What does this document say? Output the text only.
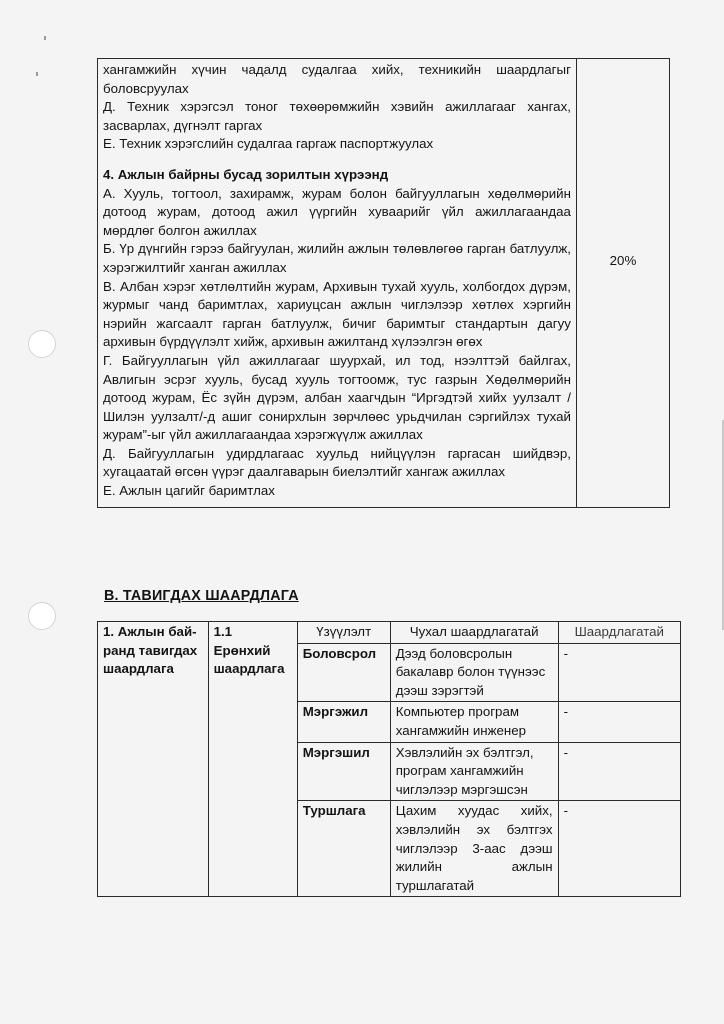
хангамжийн хүчин чадалд судалгаа хийх, техникийн шаардлагыг боловсруулах

Д. Техник хэрэгсэл тоног төхөөрөмжийн хэвийн ажиллагааг хангах, засварлах, дүгнэлт гаргах

Е. Техник хэрэгслийн судалгаа гаргаж паспортжуулах

4. Ажлын байрны бусад зорилтын хүрээнд

А. Хууль, тогтоол, захирамж, журам болон байгууллагын хөдөлмөрийн дотоод журам, дотоод ажил үүргийн хуваарийг үйл ажиллагаандаа мөрдлөг болгон ажиллах

Б. Үр дүнгийн гэрээ байгуулан, жилийн ажлын төлөвлөгөө гарган батлуулж, хэрэгжилтийг ханган ажиллах

В. Албан хэрэг хөтлөлтийн журам, Архивын тухай хууль, холбогдох дүрэм, журмыг чанд баримтлах, хариуцсан ажлын чиглэлээр хөтлөх хэргийн нэрийн жагсаалт гарган батлуулж, бичиг баримтыг стандартын дагуу архивын бүрдүүлэлт хийж, архивын ажилтанд хүлээлгэн өгөх

Г. Байгууллагын үйл ажиллагааг шуурхай, ил тод, нээлттэй байлгах, Авлигын эсрэг хууль, бусад хууль тогтоомж, тус газрын Хөдөлмөрийн дотоод журам, Ёс зүйн дүрэм, албан хаагчдын “Иргэдтэй хийх уулзалт /Шилэн уулзалт/-д ашиг сонирхлын зөрчлөөс урьдчилан сэргийлэх тухай журам”-ыг үйл ажиллагаандаа хэрэгжүүлж ажиллах

Д. Байгууллагын удирдлагаас хуульд нийцүүлэн гаргасан шийдвэр, хугацаатай өгсөн үүрэг даалгаварын биелэлтийг хангаж ажиллах

Е. Ажлын цагийг баримтлах

	20%
В. ТАВИГДАХ ШААРДЛАГА
1. Ажлын бай-ранд тавигдах шаардлага	1.1 Ерөнхий шаардлага	Үзүүлэлт	Чухал шаардлагатай	Шаардлагатай
		Боловсрол	Дээд боловсролын бакалавр болон түүнээс дээш зэрэгтэй	-
		Мэргэжил	Компьютер програм хангамжийн инженер	-
		Мэргэшил	Хэвлэлийн эх бэлтгэл, програм хангамжийн чиглэлээр мэргэшсэн	-
		Туршлага	Цахим хуудас хийх, хэвлэлийн эх бэлтгэх чиглэлээр 3-аас дээш жилийн ажлын туршлагатай	-
